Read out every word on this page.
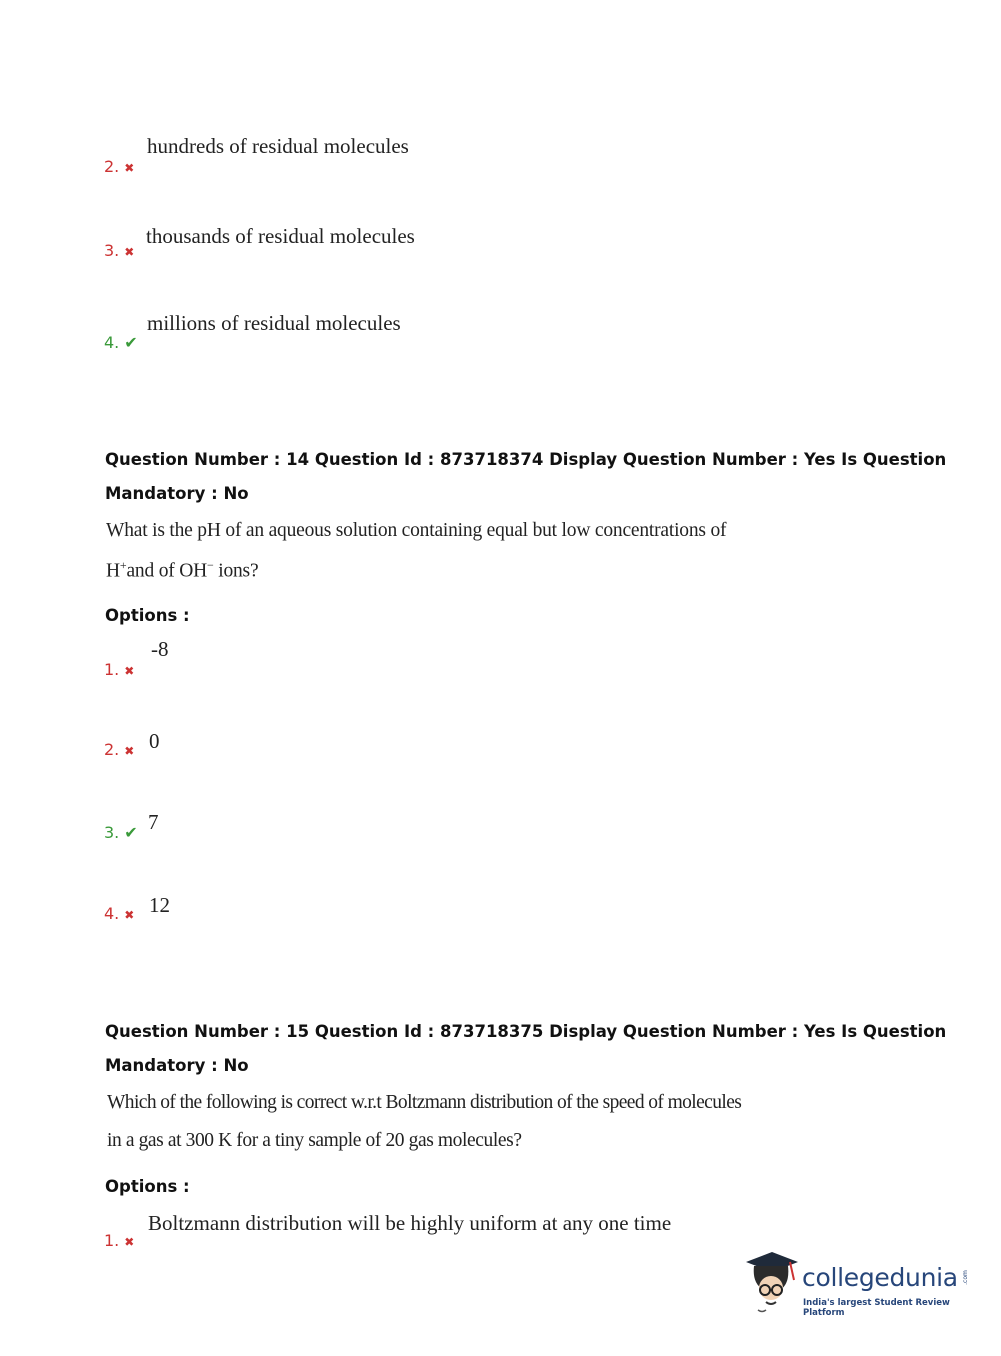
hundreds of residual molecules
2. ✖
thousands of residual molecules
3. ✖
millions of residual molecules
4. ✔
Question Number : 14 Question Id : 873718374 Display Question Number : Yes Is Question
Mandatory : No
What is the pH of an aqueous solution containing equal but low concentrations of
H+and of OH− ions?
Options :
-8
1. ✖
0
2. ✖
7
3. ✔
12
4. ✖
Question Number : 15 Question Id : 873718375 Display Question Number : Yes Is Question
Mandatory : No
Which of the following is correct w.r.t Boltzmann distribution of the speed of molecules
in a gas at 300 K for a tiny sample of 20 gas molecules?
Options :
Boltzmann distribution will be highly uniform at any one time
1. ✖
collegedunia .com
India's largest Student Review Platform
